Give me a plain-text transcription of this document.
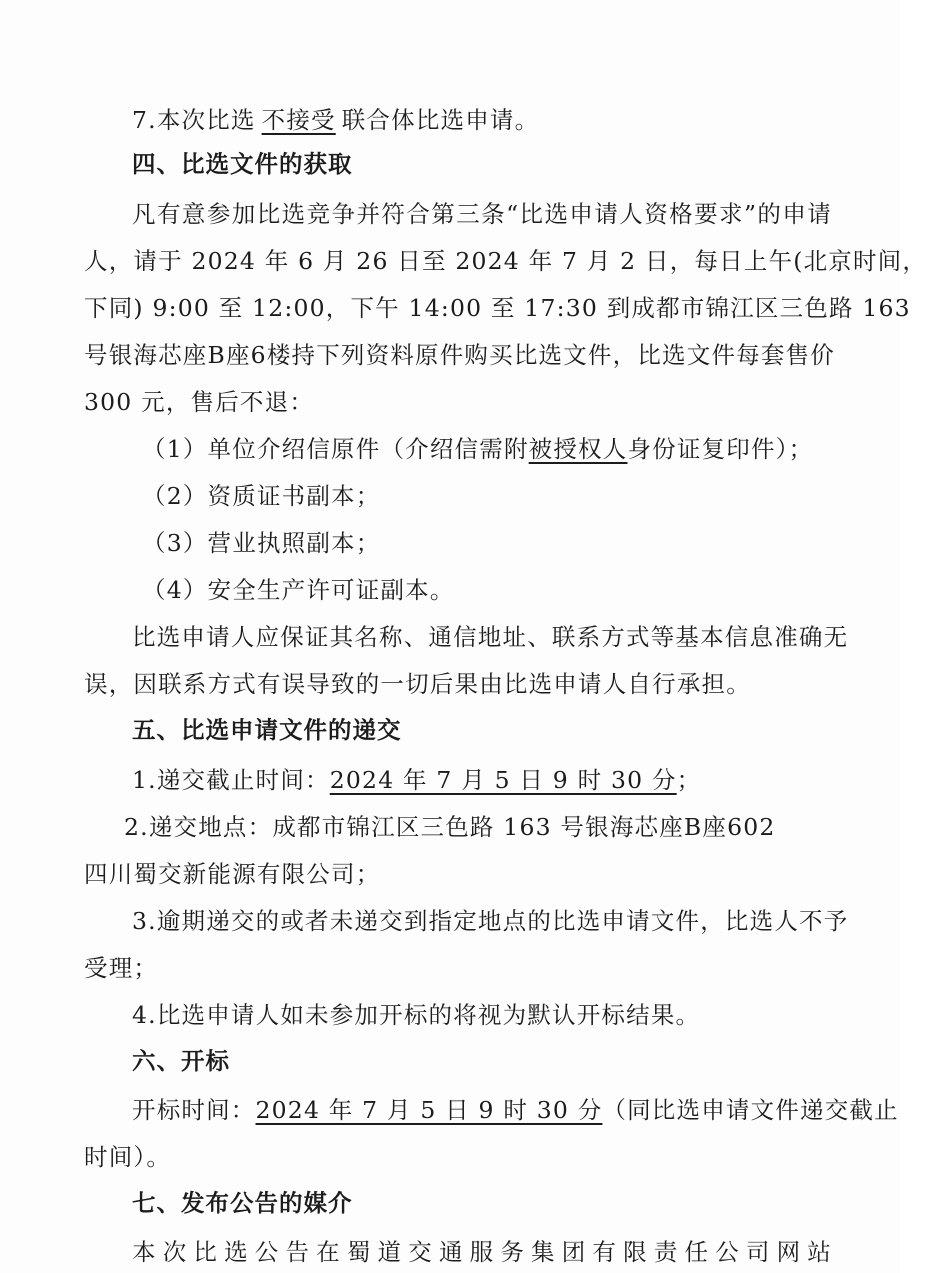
7.本次比选 不接受 联合体比选申请。
四、比选文件的获取
凡有意参加比选竞争并符合第三条“比选申请人资格要求”的申请
人，请于 2024 年 6 月 26 日至 2024 年 7 月 2 日，每日上午(北京时间，
下同) 9:00 至 12:00，下午 14:00 至 17:30 到成都市锦江区三色路 163
号银海芯座B座6楼持下列资料原件购买比选文件，比选文件每套售价
300 元，售后不退：
（1）单位介绍信原件（介绍信需附被授权人身份证复印件）；
（2）资质证书副本；
（3）营业执照副本；
（4）安全生产许可证副本。
比选申请人应保证其名称、通信地址、联系方式等基本信息准确无
误，因联系方式有误导致的一切后果由比选申请人自行承担。
五、比选申请文件的递交
1.递交截止时间：2024 年 7 月 5 日 9 时 30 分；
2.递交地点：成都市锦江区三色路 163 号银海芯座B座602
四川蜀交新能源有限公司；
3.逾期递交的或者未递交到指定地点的比选申请文件，比选人不予
受理；
4.比选申请人如未参加开标的将视为默认开标结果。
六、开标
开标时间：2024 年 7 月 5 日 9 时 30 分（同比选申请文件递交截止
时间）。
七、发布公告的媒介
本次比选公告在蜀道交通服务集团有限责任公司网站
